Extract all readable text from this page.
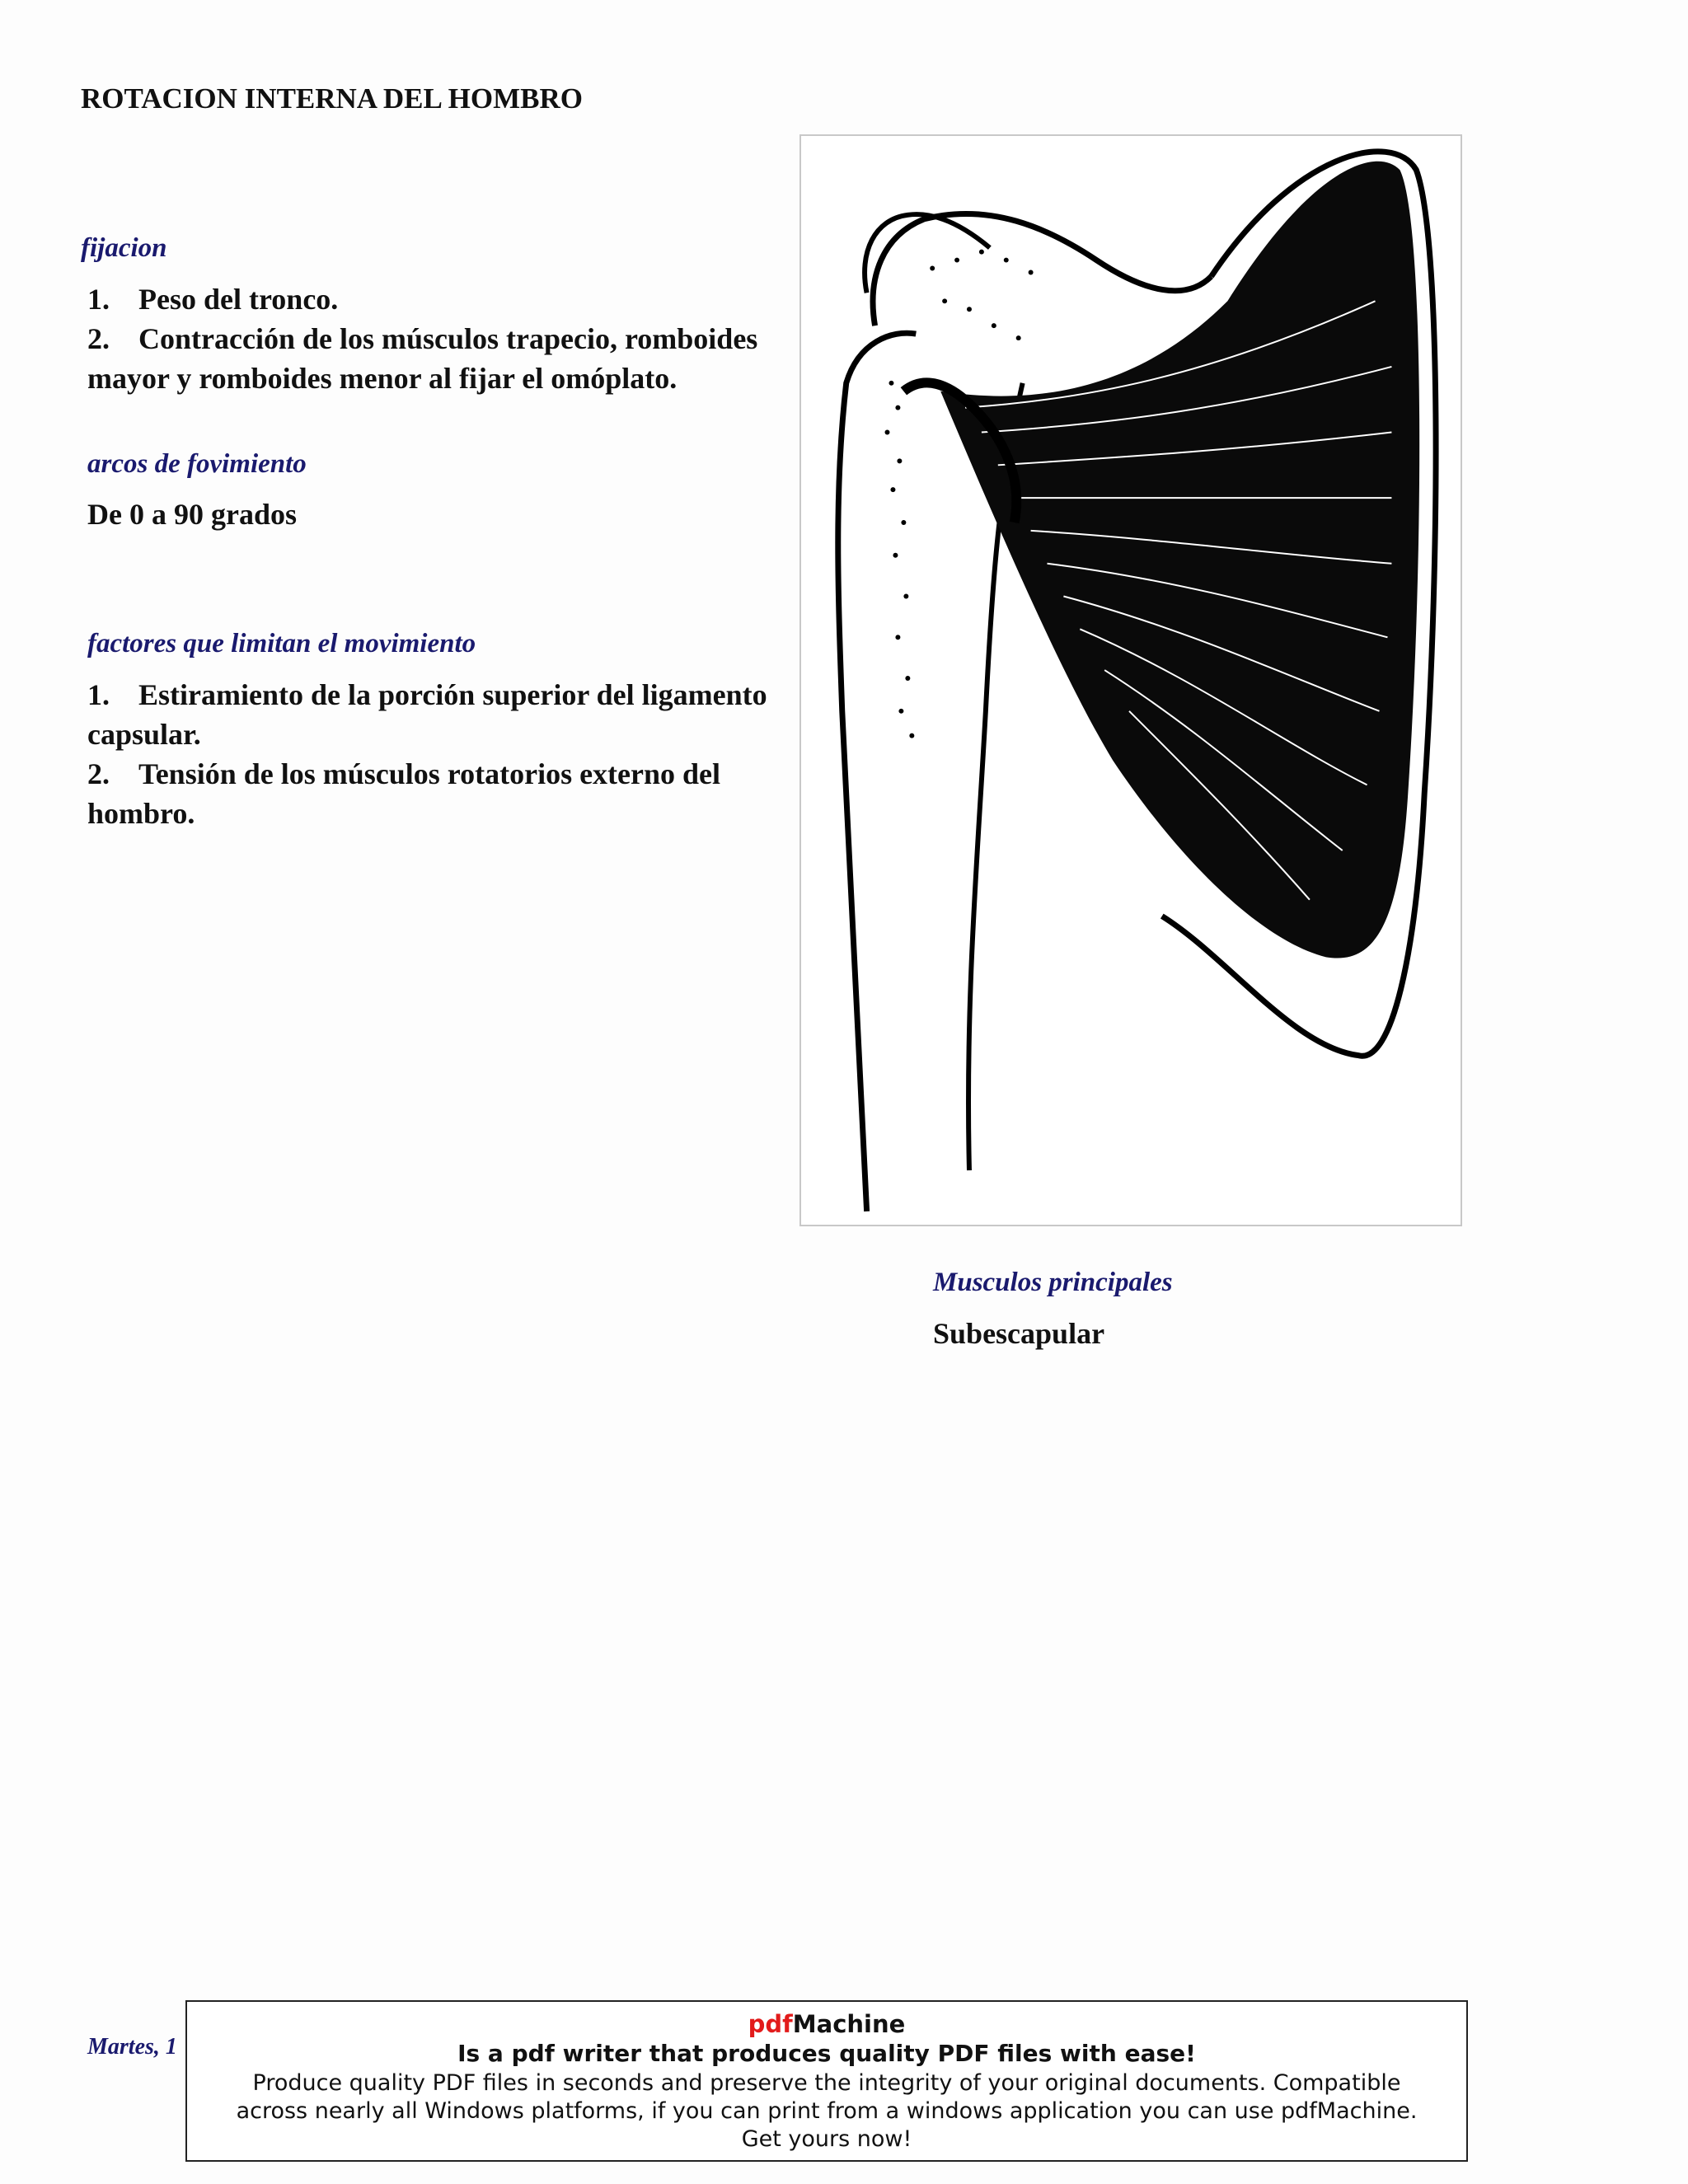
ROTACION INTERNA DEL HOMBRO

fijacion

1. Peso del tronco.

2. Contracción de los músculos trapecio, romboides mayor y romboides menor al fijar el omóplato.

arcos de fovimiento

De 0 a 90 grados

factores que limitan el movimiento

1. Estiramiento de la porción superior del ligamento capsular.

2. Tensión de los músculos rotatorios externo del hombro.

Musculos principales

Subescapular

Martes, 1
pdfMachine
Is a pdf writer that produces quality PDF files with ease!
Produce quality PDF files in seconds and preserve the integrity of your original documents. Compatible across nearly all Windows platforms, if you can print from a windows application you can use pdfMachine.
Get yours now!
